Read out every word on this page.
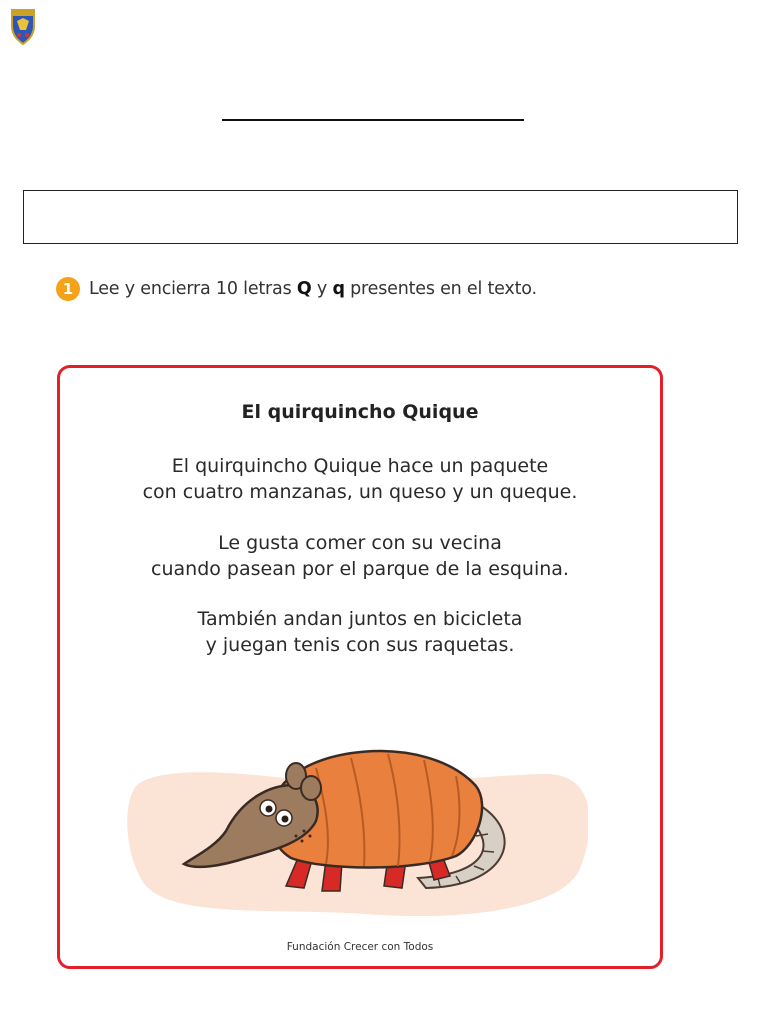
1 Lee y encierra 10 letras Q y q presentes en el texto.
El quirquincho Quique
El quirquincho Quique hace un paquete
con cuatro manzanas, un queso y un queque.
Le gusta comer con su vecina
cuando pasean por el parque de la esquina.
También andan juntos en bicicleta
y juegan tenis con sus raquetas.
Fundación Crecer con Todos
